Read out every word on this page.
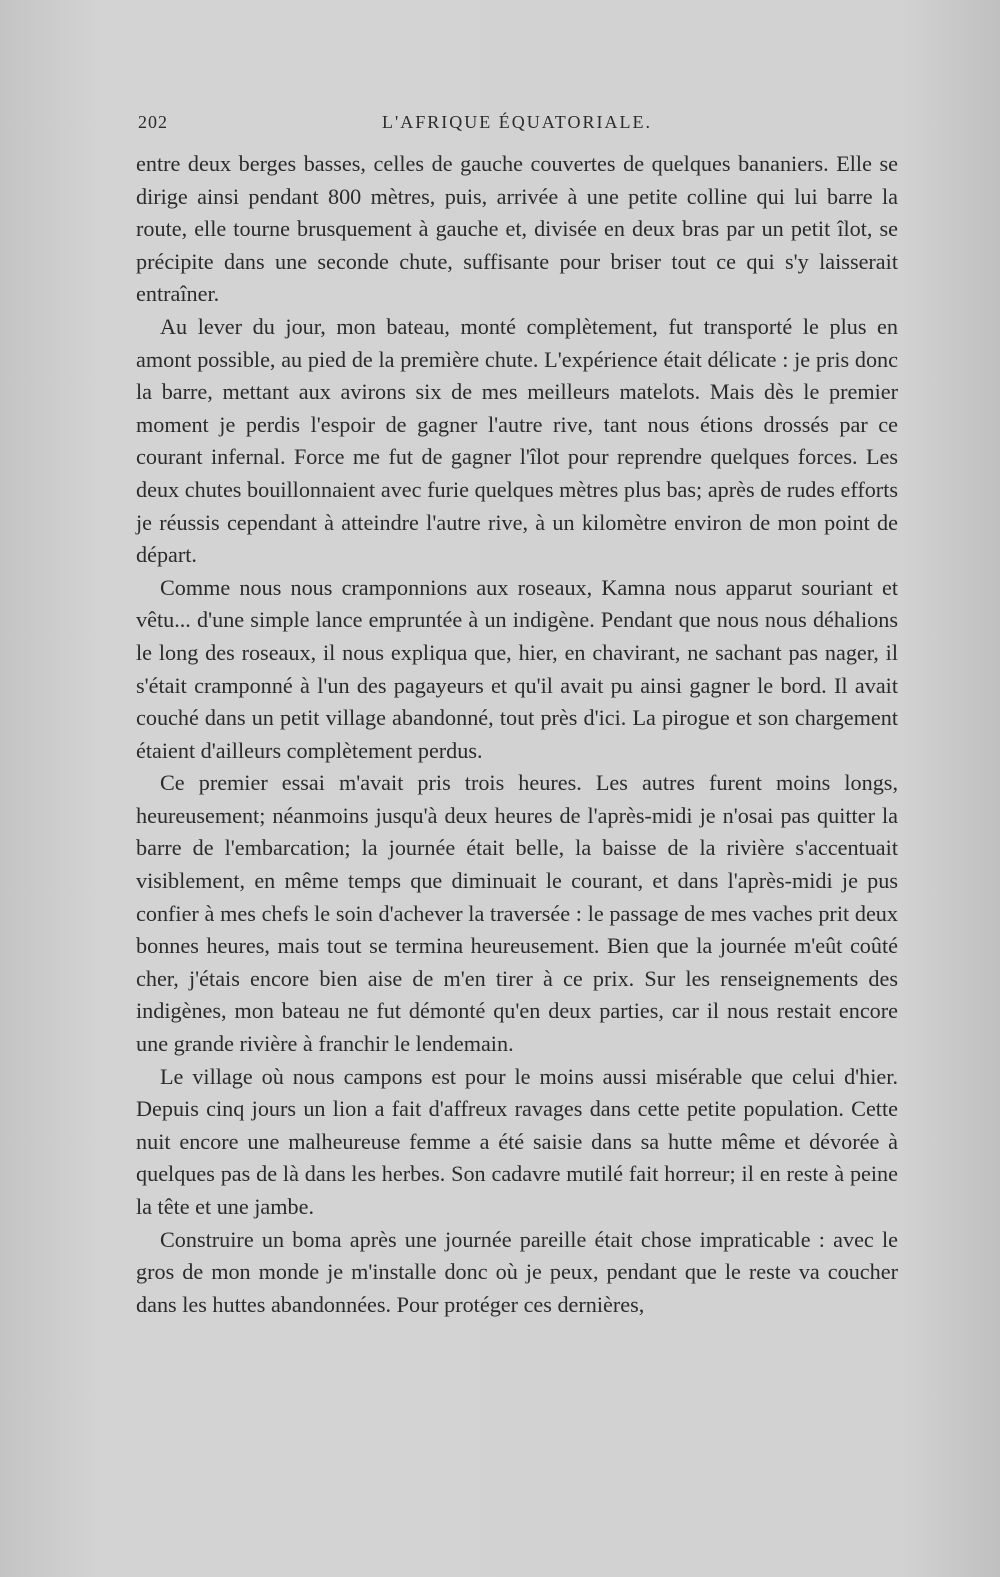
202	L'AFRIQUE ÉQUATORIALE.

entre deux berges basses, celles de gauche couvertes de quelques bananiers. Elle se dirige ainsi pendant 800 mètres, puis, arrivée à une petite colline qui lui barre la route, elle tourne brusquement à gauche et, divisée en deux bras par un petit îlot, se précipite dans une seconde chute, suffisante pour briser tout ce qui s'y laisserait entraîner.

Au lever du jour, mon bateau, monté complètement, fut transporté le plus en amont possible, au pied de la première chute. L'expérience était délicate : je pris donc la barre, mettant aux avirons six de mes meilleurs matelots. Mais dès le premier moment je perdis l'espoir de gagner l'autre rive, tant nous étions drossés par ce courant infernal. Force me fut de gagner l'îlot pour reprendre quelques forces. Les deux chutes bouillonnaient avec furie quelques mètres plus bas; après de rudes efforts je réussis cependant à atteindre l'autre rive, à un kilomètre environ de mon point de départ.

Comme nous nous cramponnions aux roseaux, Kamna nous apparut souriant et vêtu... d'une simple lance empruntée à un indigène. Pendant que nous nous déhalions le long des roseaux, il nous expliqua que, hier, en chavirant, ne sachant pas nager, il s'était cramponné à l'un des pagayeurs et qu'il avait pu ainsi gagner le bord. Il avait couché dans un petit village abandonné, tout près d'ici. La pirogue et son chargement étaient d'ailleurs complètement perdus.

Ce premier essai m'avait pris trois heures. Les autres furent moins longs, heureusement; néanmoins jusqu'à deux heures de l'après-midi je n'osai pas quitter la barre de l'embarcation; la journée était belle, la baisse de la rivière s'accentuait visiblement, en même temps que diminuait le courant, et dans l'après-midi je pus confier à mes chefs le soin d'achever la traversée : le passage de mes vaches prit deux bonnes heures, mais tout se termina heureusement. Bien que la journée m'eût coûté cher, j'étais encore bien aise de m'en tirer à ce prix. Sur les renseignements des indigènes, mon bateau ne fut démonté qu'en deux parties, car il nous restait encore une grande rivière à franchir le lendemain.

Le village où nous campons est pour le moins aussi misérable que celui d'hier. Depuis cinq jours un lion a fait d'affreux ravages dans cette petite population. Cette nuit encore une malheureuse femme a été saisie dans sa hutte même et dévorée à quelques pas de là dans les herbes. Son cadavre mutilé fait horreur; il en reste à peine la tête et une jambe.

Construire un boma après une journée pareille était chose impraticable : avec le gros de mon monde je m'installe donc où je peux, pendant que le reste va coucher dans les huttes abandonnées. Pour protéger ces dernières,
